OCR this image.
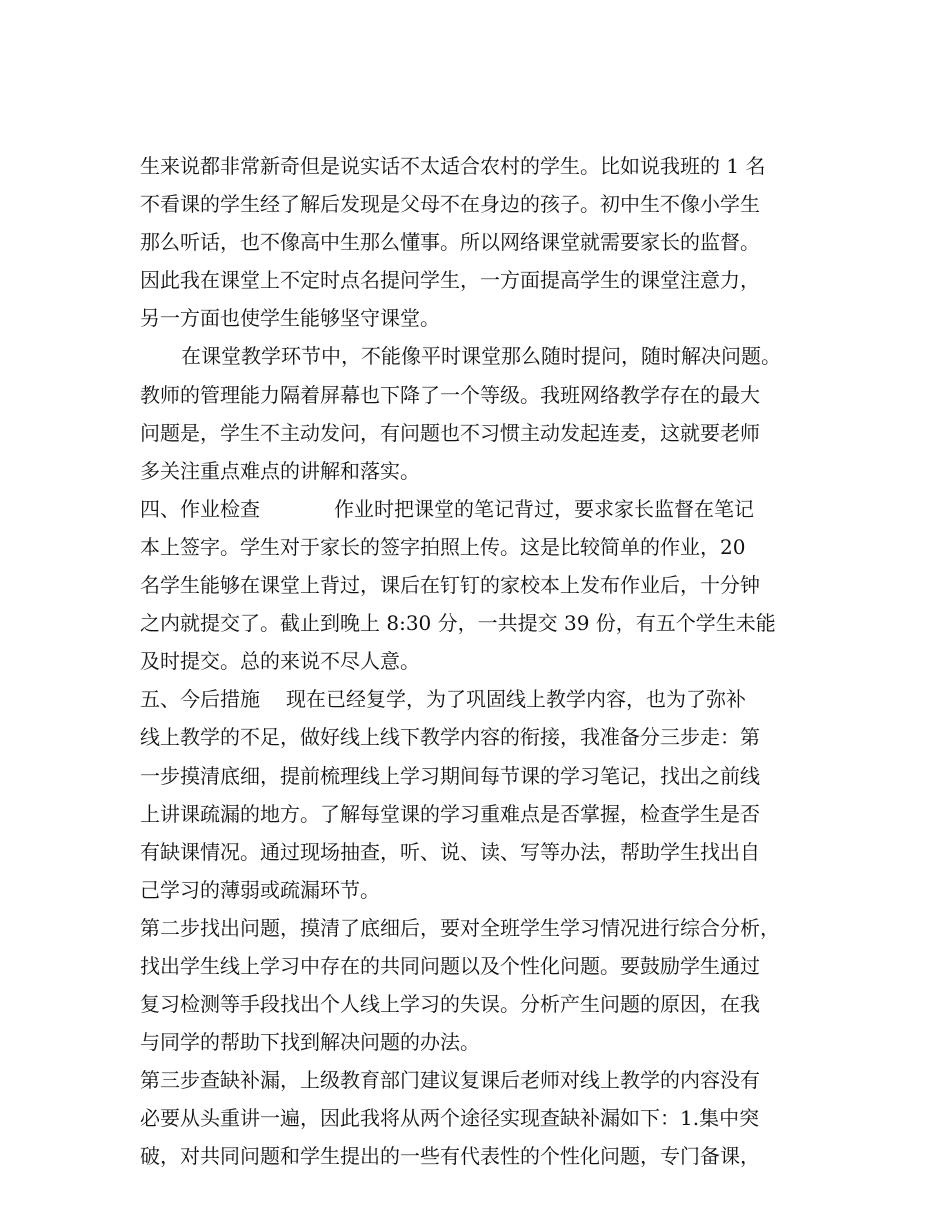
生来说都非常新奇但是说实话不太适合农村的学生。比如说我班的 1 名
不看课的学生经了解后发现是父母不在身边的孩子。初中生不像小学生
那么听话，也不像高中生那么懂事。所以网络课堂就需要家长的监督。
因此我在课堂上不定时点名提问学生，一方面提高学生的课堂注意力，
另一方面也使学生能够坚守课堂。
在课堂教学环节中，不能像平时课堂那么随时提问，随时解决问题。
教师的管理能力隔着屏幕也下降了一个等级。我班网络教学存在的最大
问题是，学生不主动发问，有问题也不习惯主动发起连麦，这就要老师
多关注重点难点的讲解和落实。
四、作业检查	作业时把课堂的笔记背过，要求家长监督在笔记
本上签字。学生对于家长的签字拍照上传。这是比较简单的作业，20
名学生能够在课堂上背过，课后在钉钉的家校本上发布作业后，十分钟
之内就提交了。截止到晚上 8:30 分，一共提交 39 份，有五个学生未能
及时提交。总的来说不尽人意。
五、今后措施 现在已经复学，为了巩固线上教学内容，也为了弥补
线上教学的不足，做好线上线下教学内容的衔接，我准备分三步走：第
一步摸清底细，提前梳理线上学习期间每节课的学习笔记，找出之前线
上讲课疏漏的地方。了解每堂课的学习重难点是否掌握，检查学生是否
有缺课情况。通过现场抽查，听、说、读、写等办法，帮助学生找出自
己学习的薄弱或疏漏环节。
第二步找出问题，摸清了底细后，要对全班学生学习情况进行综合分析，
找出学生线上学习中存在的共同问题以及个性化问题。要鼓励学生通过
复习检测等手段找出个人线上学习的失误。分析产生问题的原因，在我
与同学的帮助下找到解决问题的办法。
第三步查缺补漏，上级教育部门建议复课后老师对线上教学的内容没有
必要从头重讲一遍，因此我将从两个途径实现查缺补漏如下：1.集中突
破，对共同问题和学生提出的一些有代表性的个性化问题，专门备课，
